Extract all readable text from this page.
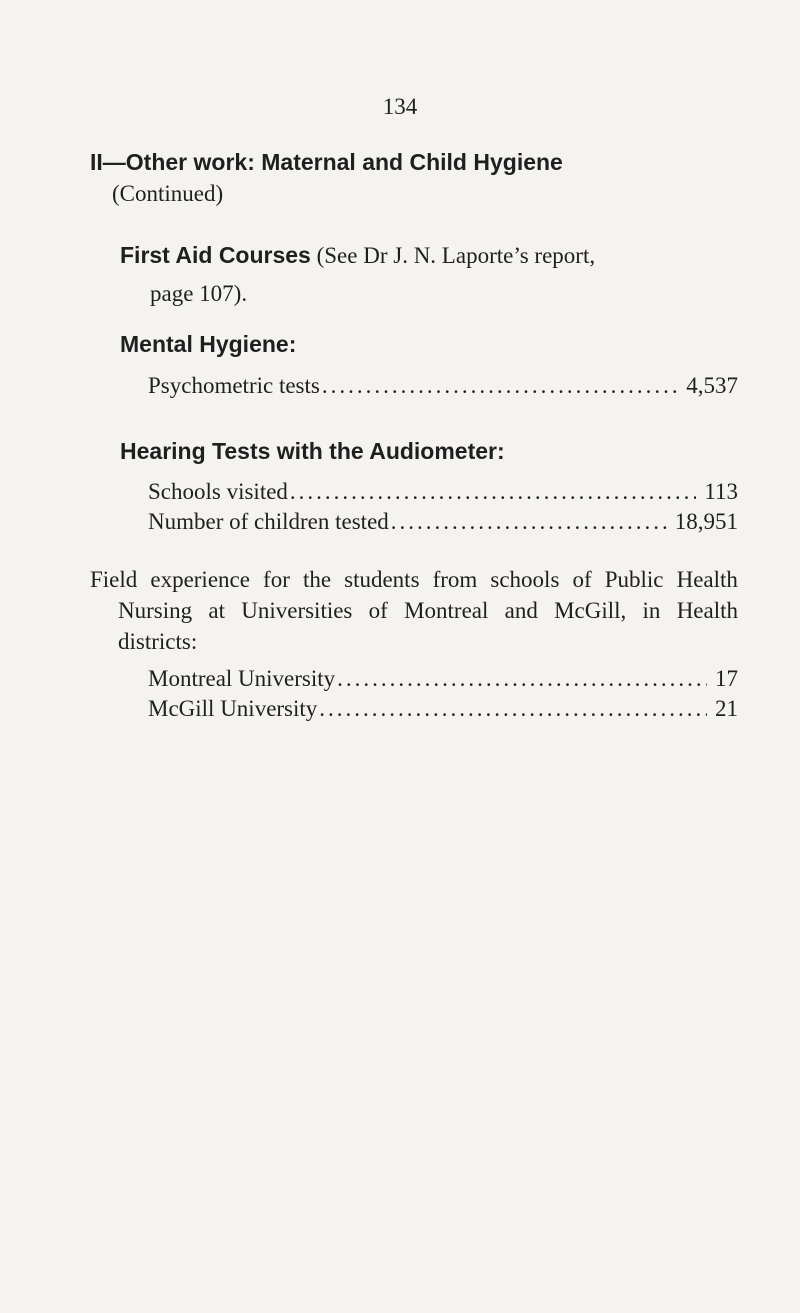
134
II—Other work: Maternal and Child Hygiene
(Continued)
First Aid Courses (See Dr J. N. Laporte’s report,
page 107).
Mental Hygiene:
Psychometric tests .....	4,537
Hearing Tests with the Audiometer:
Schools visited .....	113
Number of children tested .....	18,951
Field experience for the students from schools of Public Health
Nursing at Universities of Montreal and McGill, in Health
districts:
Montreal University .....	17
McGill University .....	21
